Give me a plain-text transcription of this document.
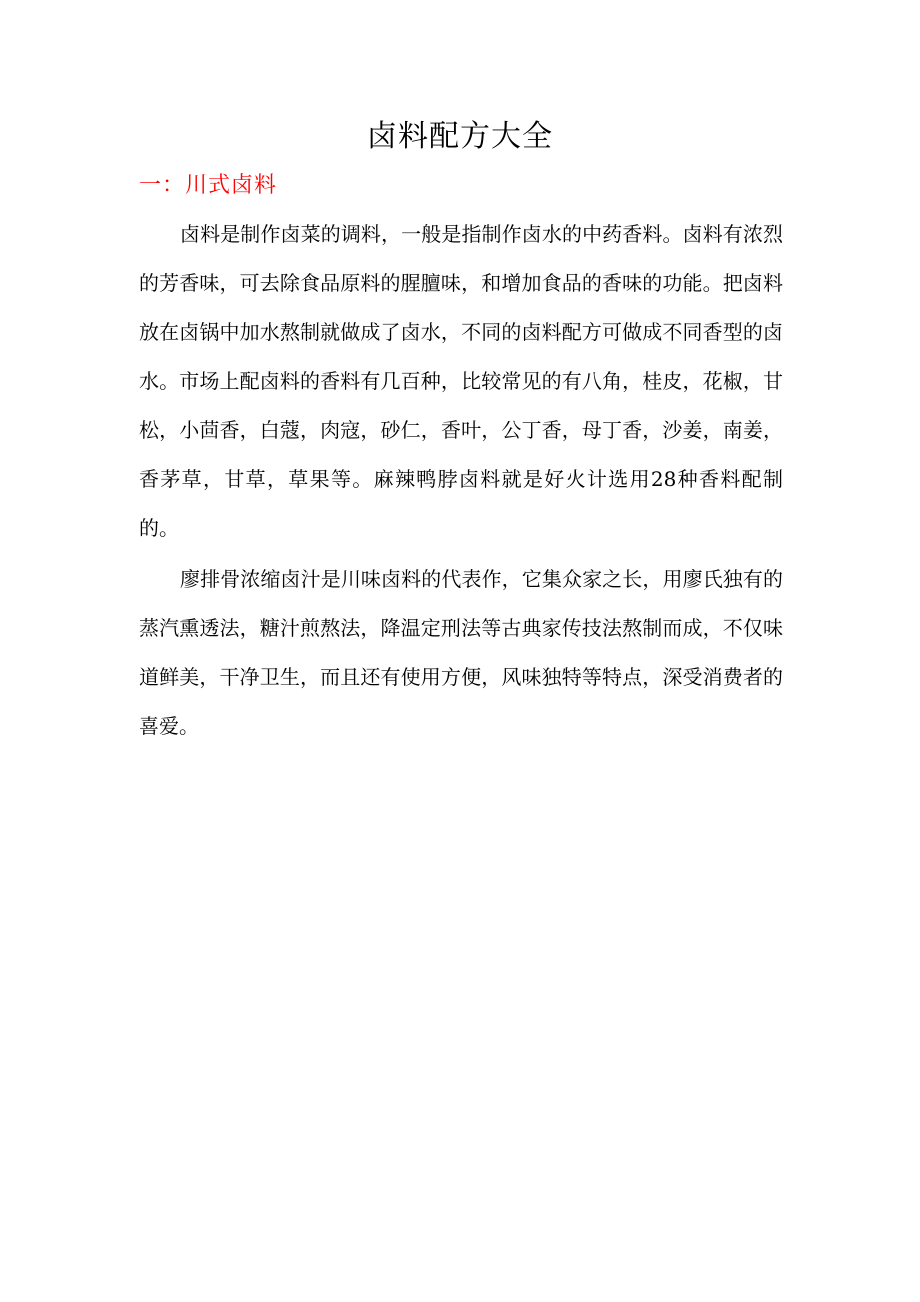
卤料配方大全
一：川式卤料

卤料是制作卤菜的调料，一般是指制作卤水的中药香料。卤料有浓烈的芳香味，可去除食品原料的腥膻味，和增加食品的香味的功能。把卤料放在卤锅中加水熬制就做成了卤水，不同的卤料配方可做成不同香型的卤水。市场上配卤料的香料有几百种，比较常见的有八角，桂皮，花椒，甘松，小茴香，白蔻，肉寇，砂仁，香叶，公丁香，母丁香，沙姜，南姜，香茅草，甘草，草果等。麻辣鸭脖卤料就是好火计选用28种香料配制的。

廖排骨浓缩卤汁是川味卤料的代表作，它集众家之长，用廖氏独有的蒸汽熏透法，糖汁煎熬法，降温定刑法等古典家传技法熬制而成，不仅味道鲜美，干净卫生，而且还有使用方便，风味独特等特点，深受消费者的喜爱。
